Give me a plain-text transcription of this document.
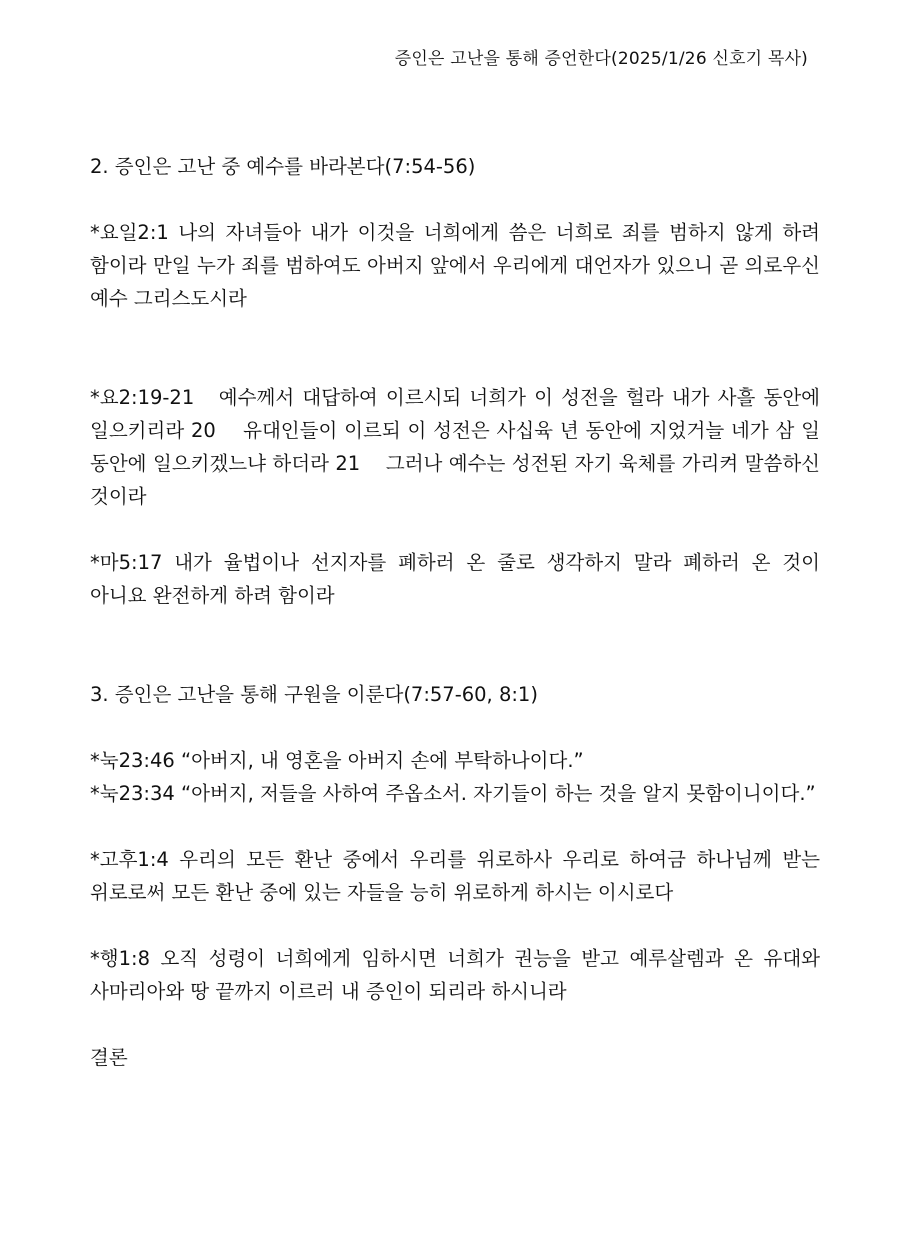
증인은 고난을 통해 증언한다(2025/1/26 신호기 목사)

2. 증인은 고난 중 예수를 바라본다(7:54-56)

*요일2:1 나의 자녀들아 내가 이것을 너희에게 씀은 너희로 죄를 범하지 않게 하려 함이라 만일 누가 죄를 범하여도 아버지 앞에서 우리에게 대언자가 있으니 곧 의로우신 예수 그리스도시라

*요2:19-21   예수께서 대답하여 이르시되 너희가 이 성전을 헐라 내가 사흘 동안에 일으키리라 20    유대인들이 이르되 이 성전은 사십육 년 동안에 지었거늘 네가 삼 일 동안에 일으키겠느냐 하더라 21    그러나 예수는 성전된 자기 육체를 가리켜 말씀하신 것이라

*마5:17 내가 율법이나 선지자를 폐하러 온 줄로 생각하지 말라 폐하러 온 것이 아니요 완전하게 하려 함이라

3. 증인은 고난을 통해 구원을 이룬다(7:57-60, 8:1)

*눅23:46 “아버지, 내 영혼을 아버지 손에 부탁하나이다.”

*눅23:34 “아버지, 저들을 사하여 주옵소서. 자기들이 하는 것을 알지 못함이니이다.”

*고후1:4 우리의 모든 환난 중에서 우리를 위로하사 우리로 하여금 하나님께 받는 위로로써 모든 환난 중에 있는 자들을 능히 위로하게 하시는 이시로다

*행1:8 오직 성령이 너희에게 임하시면 너희가 권능을 받고 예루살렘과 온 유대와 사마리아와 땅 끝까지 이르러 내 증인이 되리라 하시니라

결론
